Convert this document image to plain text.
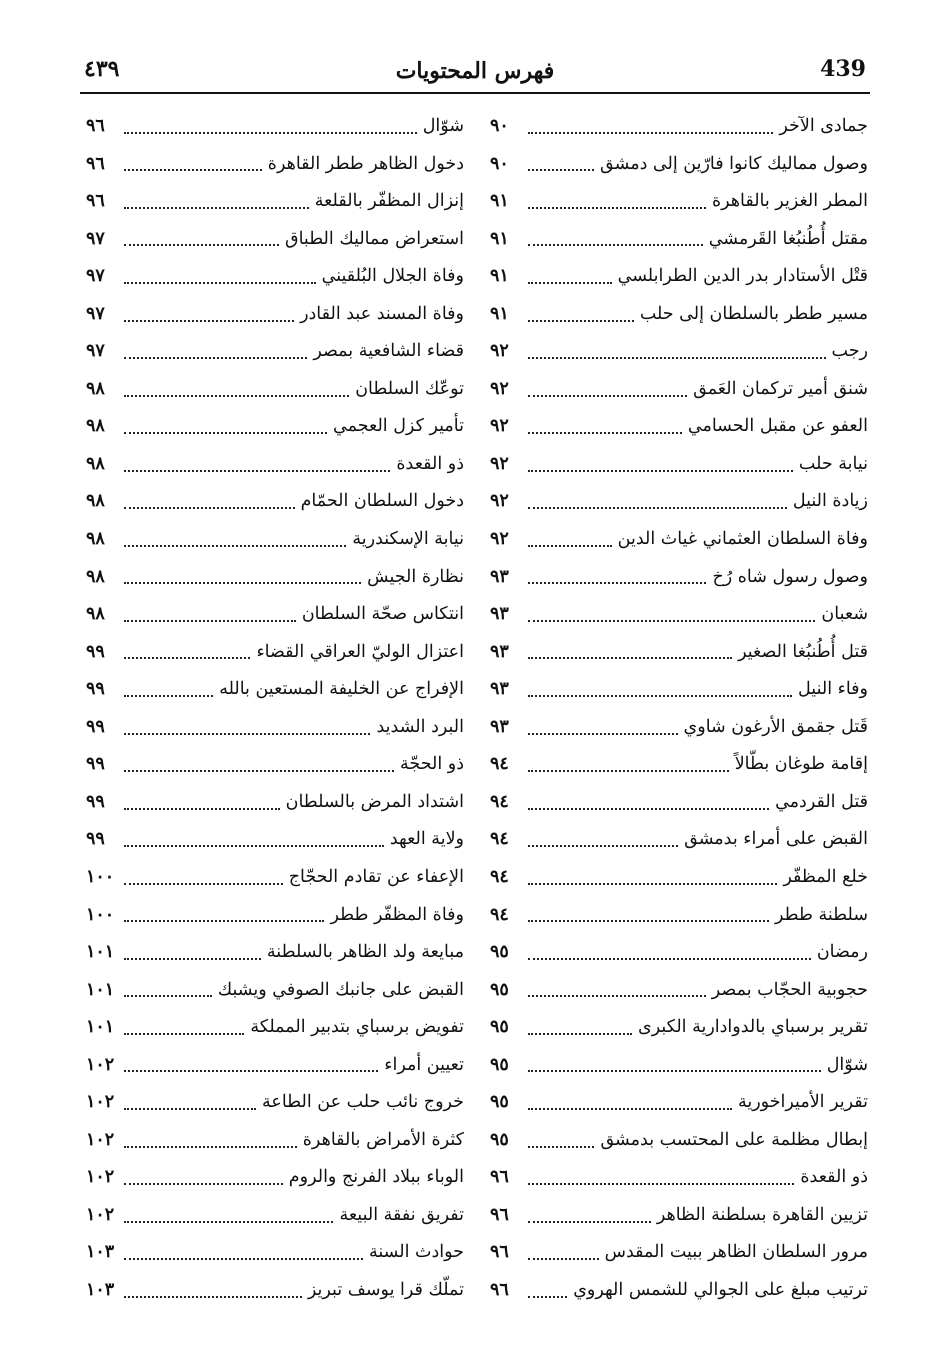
439
فهرس المحتويات
٤٣٩
جمادى الآخر
٩٠
وصول مماليك كانوا فارّين إلى دمشق
٩٠
المطر الغزير بالقاهرة
٩١
مقتل أُطُنبُغا القَرمشي
٩١
قتْل الأستادار بدر الدين الطرابلسي
٩١
مسير ططر بالسلطان إلى حلب
٩١
رجب
٩٢
شنق أمير تركمان العَمق
٩٢
العفو عن مقبل الحسامي
٩٢
نيابة حلب
٩٢
زيادة النيل
٩٢
وفاة السلطان العثماني غياث الدين
٩٢
وصول رسول شاه رُخ
٩٣
شعبان
٩٣
قتل أُطُنبُغا الصغير
٩٣
وفاء النيل
٩٣
قَتل جقمق الأرغون شاوي
٩٣
إقامة طوغان بطّالاً
٩٤
قتل القردمي
٩٤
القبض على أمراء بدمشق
٩٤
خلع المظفّر
٩٤
سلطنة ططر
٩٤
رمضان
٩٥
حجوبية الحجّاب بمصر
٩٥
تقرير برسباي بالدوادارية الكبرى
٩٥
شوّال
٩٥
تقرير الأميراخورية
٩٥
إبطال مظلمة على المحتسب بدمشق
٩٥
ذو القعدة
٩٦
تزيين القاهرة بسلطنة الظاهر
٩٦
مرور السلطان الظاهر ببيت المقدس
٩٦
ترتيب مبلغ على الجوالي للشمس الهروي
٩٦
شوّال
٩٦
دخول الظاهر ططر القاهرة
٩٦
إنزال المظفّر بالقلعة
٩٦
استعراض مماليك الطباق
٩٧
وفاة الجلال البُلقيني
٩٧
وفاة المسند عبد القادر
٩٧
قضاء الشافعية بمصر
٩٧
توعّك السلطان
٩٨
تأمير كزل العجمي
٩٨
ذو القعدة
٩٨
دخول السلطان الحمّام
٩٨
نيابة الإسكندرية
٩٨
نظارة الجيش
٩٨
انتكاس صحّة السلطان
٩٨
اعتزال الوليّ العراقي القضاء
٩٩
الإفراج عن الخليفة المستعين بالله
٩٩
البرد الشديد
٩٩
ذو الحجّة
٩٩
اشتداد المرض بالسلطان
٩٩
ولاية العهد
٩٩
الإعفاء عن تقادم الحجّاج
١٠٠
وفاة المظفّر ططر
١٠٠
مبايعة ولد الظاهر بالسلطنة
١٠١
القبض على جانبك الصوفي ويشبك
١٠١
تفويض برسباي بتدبير المملكة
١٠١
تعيين أمراء
١٠٢
خروج نائب حلب عن الطاعة
١٠٢
كثرة الأمراض بالقاهرة
١٠٢
الوباء ببلاد الفرنج والروم
١٠٢
تفريق نفقة البيعة
١٠٢
حوادث السنة
١٠٣
تملّك قرا يوسف تبريز
١٠٣
